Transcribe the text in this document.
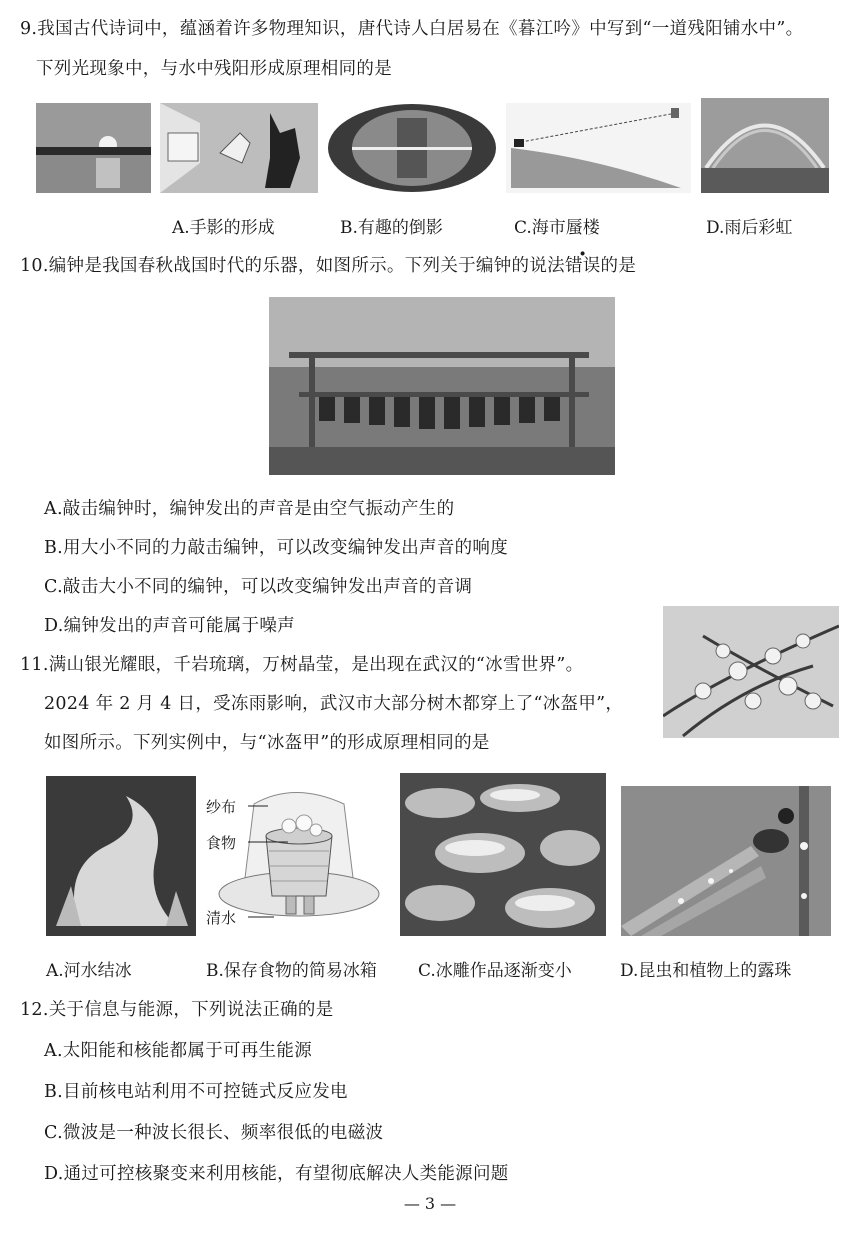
9.我国古代诗词中，蕴涵着许多物理知识，唐代诗人白居易在《暮江吟》中写到“一道残阳铺水中”。
下列光现象中，与水中残阳形成原理相同的是
A.手影的形成	B.有趣的倒影	C.海市蜃楼	D.雨后彩虹
10.编钟是我国春秋战国时代的乐器，如图所示。下列关于编钟的说法错误的是
A.敲击编钟时，编钟发出的声音是由空气振动产生的
B.用大小不同的力敲击编钟，可以改变编钟发出声音的响度
C.敲击大小不同的编钟，可以改变编钟发出声音的音调
D.编钟发出的声音可能属于噪声
11.满山银光耀眼，千岩琉璃，万树晶莹，是出现在武汉的“冰雪世界”。
2024 年 2 月 4 日，受冻雨影响，武汉市大部分树木都穿上了“冰盔甲”，
如图所示。下列实例中，与“冰盔甲”的形成原理相同的是
纱布
食物
清水
A.河水结冰	B.保存食物的简易冰箱 C.冰雕作品逐渐变小	D.昆虫和植物上的露珠
12.关于信息与能源，下列说法正确的是
A.太阳能和核能都属于可再生能源
B.目前核电站利用不可控链式反应发电
C.微波是一种波长很长、频率很低的电磁波
D.通过可控核聚变来利用核能，有望彻底解决人类能源问题
— 3 —
